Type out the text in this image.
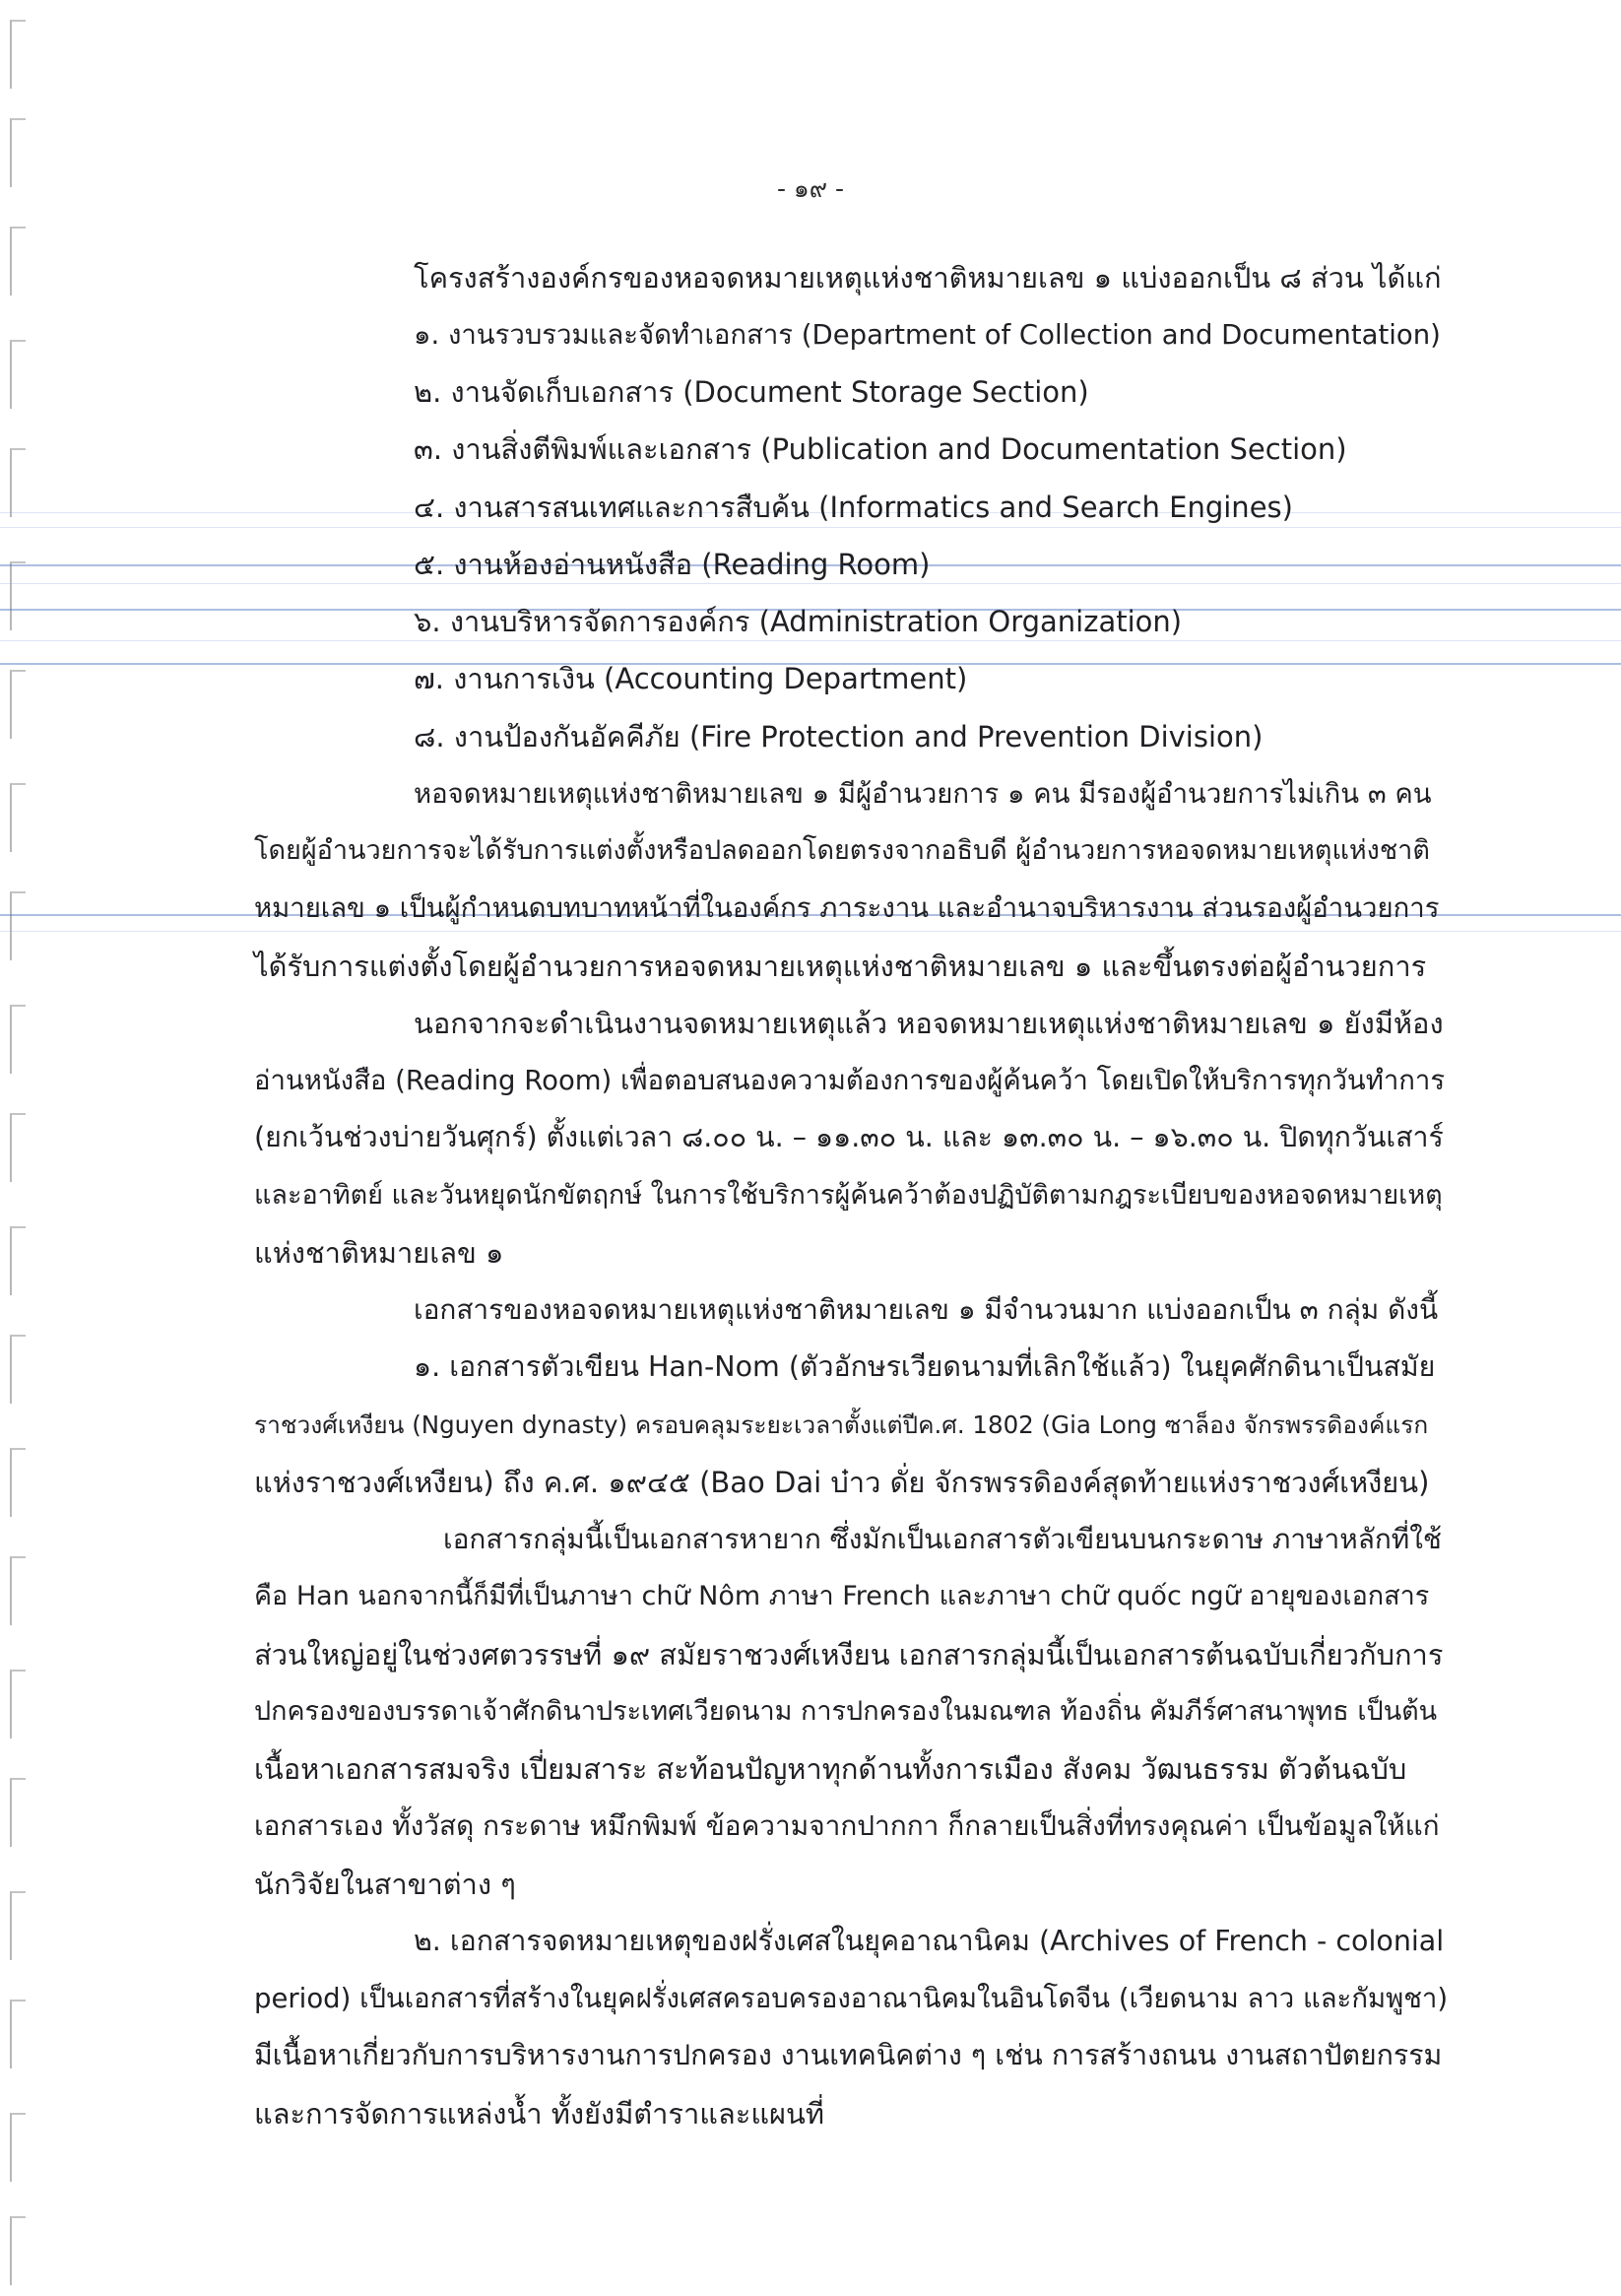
- ๑๙ -
โครงสร้างองค์กรของหอจดหมายเหตุแห่งชาติหมายเลข ๑ แบ่งออกเป็น ๘ ส่วน ได้แก่
๑. งานรวบรวมและจัดทำเอกสาร (Department of Collection and Documentation)
๒. งานจัดเก็บเอกสาร (Document Storage Section)
๓. งานสิ่งตีพิมพ์และเอกสาร (Publication and Documentation Section)
๔. งานสารสนเทศและการสืบค้น (Informatics and Search Engines)
๕. งานห้องอ่านหนังสือ (Reading Room)
๖. งานบริหารจัดการองค์กร (Administration Organization)
๗. งานการเงิน (Accounting Department)
๘. งานป้องกันอัคคีภัย (Fire Protection and Prevention Division)
หอจดหมายเหตุแห่งชาติหมายเลข ๑ มีผู้อำนวยการ ๑ คน มีรองผู้อำนวยการไม่เกิน ๓ คน
โดยผู้อำนวยการจะได้รับการแต่งตั้งหรือปลดออกโดยตรงจากอธิบดี ผู้อำนวยการหอจดหมายเหตุแห่งชาติ
หมายเลข ๑ เป็นผู้กำหนดบทบาทหน้าที่ในองค์กร ภาระงาน และอำนาจบริหารงาน ส่วนรองผู้อำนวยการ
ได้รับการแต่งตั้งโดยผู้อำนวยการหอจดหมายเหตุแห่งชาติหมายเลข ๑ และขึ้นตรงต่อผู้อำนวยการ
นอกจากจะดำเนินงานจดหมายเหตุแล้ว หอจดหมายเหตุแห่งชาติหมายเลข ๑ ยังมีห้อง
อ่านหนังสือ (Reading Room) เพื่อตอบสนองความต้องการของผู้ค้นคว้า โดยเปิดให้บริการทุกวันทำการ
(ยกเว้นช่วงบ่ายวันศุกร์) ตั้งแต่เวลา ๘.๐๐ น. – ๑๑.๓๐ น. และ ๑๓.๓๐ น. – ๑๖.๓๐ น. ปิดทุกวันเสาร์
และอาทิตย์ และวันหยุดนักขัตฤกษ์ ในการใช้บริการผู้ค้นคว้าต้องปฏิบัติตามกฎระเบียบของหอจดหมายเหตุ
แห่งชาติหมายเลข ๑
เอกสารของหอจดหมายเหตุแห่งชาติหมายเลข ๑ มีจำนวนมาก แบ่งออกเป็น ๓ กลุ่ม ดังนี้
๑. เอกสารตัวเขียน Han-Nom (ตัวอักษรเวียดนามที่เลิกใช้แล้ว) ในยุคศักดินาเป็นสมัย
ราชวงศ์เหงียน (Nguyen dynasty) ครอบคลุมระยะเวลาตั้งแต่ปีค.ศ. 1802 (Gia Long ซาล็อง จักรพรรดิองค์แรก
แห่งราชวงศ์เหงียน) ถึง ค.ศ. ๑๙๔๕ (Bao Dai บ๋าว ดั่ย จักรพรรดิองค์สุดท้ายแห่งราชวงศ์เหงียน)
เอกสารกลุ่มนี้เป็นเอกสารหายาก ซึ่งมักเป็นเอกสารตัวเขียนบนกระดาษ ภาษาหลักที่ใช้
คือ Han นอกจากนี้ก็มีที่เป็นภาษา chữ Nôm ภาษา French และภาษา chữ quốc ngữ อายุของเอกสาร
ส่วนใหญ่อยู่ในช่วงศตวรรษที่ ๑๙ สมัยราชวงศ์เหงียน เอกสารกลุ่มนี้เป็นเอกสารต้นฉบับเกี่ยวกับการ
ปกครองของบรรดาเจ้าศักดินาประเทศเวียดนาม การปกครองในมณฑล ท้องถิ่น คัมภีร์ศาสนาพุทธ เป็นต้น
เนื้อหาเอกสารสมจริง เปี่ยมสาระ สะท้อนปัญหาทุกด้านทั้งการเมือง สังคม วัฒนธรรม ตัวต้นฉบับ
เอกสารเอง ทั้งวัสดุ กระดาษ หมึกพิมพ์ ข้อความจากปากกา ก็กลายเป็นสิ่งที่ทรงคุณค่า เป็นข้อมูลให้แก่
นักวิจัยในสาขาต่าง ๆ
๒. เอกสารจดหมายเหตุของฝรั่งเศสในยุคอาณานิคม (Archives of French - colonial
period) เป็นเอกสารที่สร้างในยุคฝรั่งเศสครอบครองอาณานิคมในอินโดจีน (เวียดนาม ลาว และกัมพูชา)
มีเนื้อหาเกี่ยวกับการบริหารงานการปกครอง งานเทคนิคต่าง ๆ เช่น การสร้างถนน งานสถาปัตยกรรม
และการจัดการแหล่งน้ำ ทั้งยังมีตำราและแผนที่
